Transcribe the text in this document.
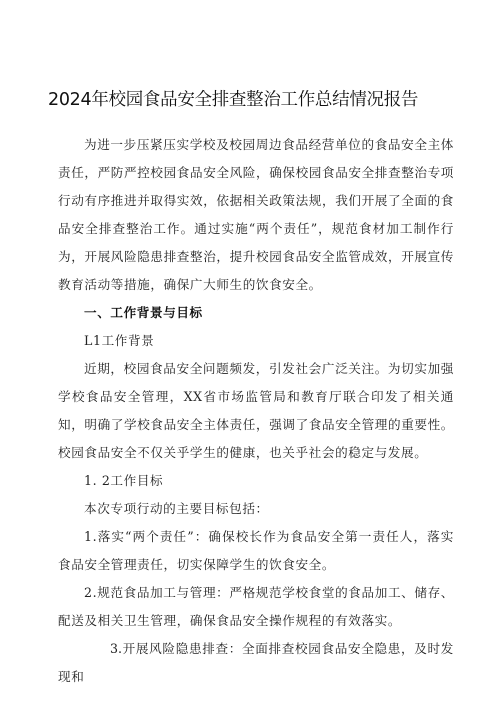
2024年校园食品安全排查整治工作总结情况报告

为进一步压紧压实学校及校园周边食品经营单位的食品安全主体责任，严防严控校园食品安全风险，确保校园食品安全排查整治专项行动有序推进并取得实效，依据相关政策法规，我们开展了全面的食品安全排查整治工作。通过实施“两个责任”，规范食材加工制作行为，开展风险隐患排查整治，提升校园食品安全监管成效，开展宣传教育活动等措施，确保广大师生的饮食安全。

一、工作背景与目标

L1工作背景

近期，校园食品安全问题频发，引发社会广泛关注。为切实加强学校食品安全管理，XX省市场监管局和教育厅联合印发了相关通知，明确了学校食品安全主体责任，强调了食品安全管理的重要性。校园食品安全不仅关乎学生的健康，也关乎社会的稳定与发展。

1. 2工作目标

本次专项行动的主要目标包括：

1.落实“两个责任”：确保校长作为食品安全第一责任人，落实食品安全管理责任，切实保障学生的饮食安全。

2.规范食品加工与管理：严格规范学校食堂的食品加工、储存、配送及相关卫生管理，确保食品安全操作规程的有效落实。

3.开展风险隐患排查：全面排查校园食品安全隐患，及时发现和
